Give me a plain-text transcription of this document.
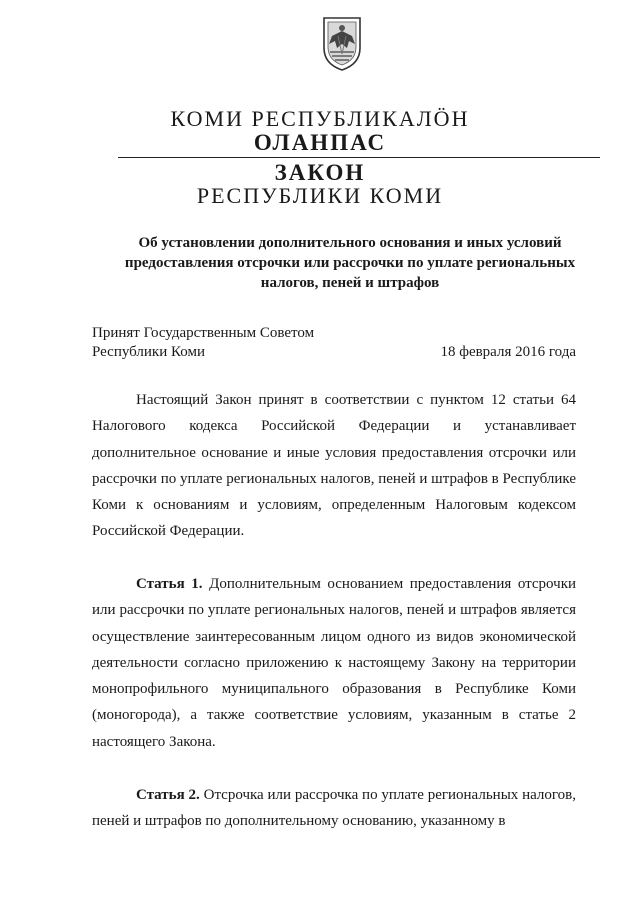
КОМИ РЕСПУБЛИКАЛӦН
ОЛАНПАС
ЗАКОН
РЕСПУБЛИКИ КОМИ
Об установлении дополнительного основания и иных условий
предоставления отсрочки или рассрочки по уплате региональных
налогов, пеней и штрафов
Принят Государственным Советом
Республики Коми	18 февраля 2016 года
Настоящий Закон принят в соответствии с пунктом 12 статьи 64 Налогового кодекса Российской Федерации и устанавливает дополнительное основание и иные условия предоставления отсрочки или рассрочки по уплате региональных налогов, пеней и штрафов в Республике Коми к основаниям и условиям, определенным Налоговым кодексом Российской Федерации.
Статья 1. Дополнительным основанием предоставления отсрочки или рассрочки по уплате региональных налогов, пеней и штрафов является осуществление заинтересованным лицом одного из видов экономической деятельности согласно приложению к настоящему Закону на территории монопрофильного муниципального образования в Республике Коми (моногорода), а также соответствие условиям, указанным в статье 2 настоящего Закона.
Статья 2. Отсрочка или рассрочка по уплате региональных налогов, пеней и штрафов по дополнительному основанию, указанному в
